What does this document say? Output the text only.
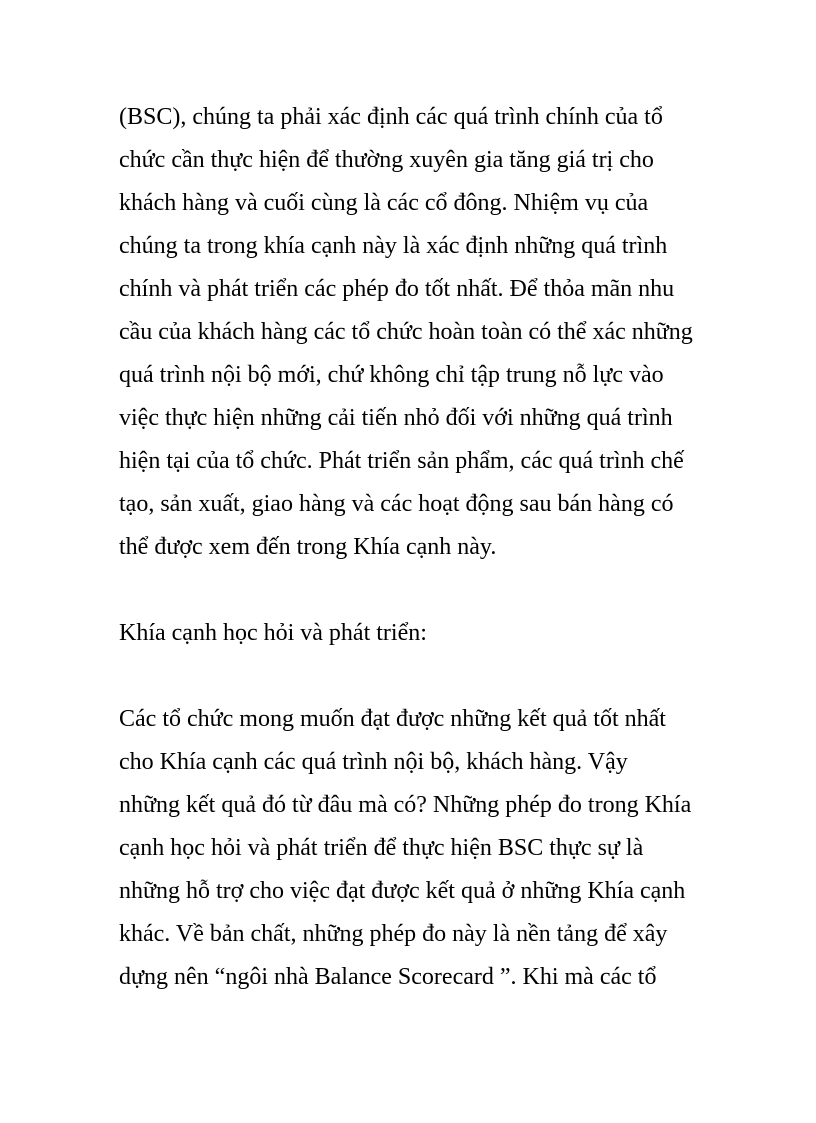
(BSC), chúng ta phải xác định các quá trình chính của tổ
chức cần thực hiện để thường xuyên gia tăng giá trị cho
khách hàng và cuối cùng là các cổ đông. Nhiệm vụ của
chúng ta trong khía cạnh này là xác định những quá trình
chính và phát triển các phép đo tốt nhất. Để thỏa mãn nhu
cầu của khách hàng các tổ chức hoàn toàn có thể xác những
quá trình nội bộ mới, chứ không chỉ tập trung nỗ lực vào
việc thực hiện những cải tiến nhỏ đối với những quá trình
hiện tại của tổ chức. Phát triển sản phẩm, các quá trình chế
tạo, sản xuất, giao hàng và các hoạt động sau bán hàng có
thể được xem đến trong Khía cạnh này.
Khía cạnh học hỏi và phát triển:
Các tổ chức mong muốn đạt được những kết quả tốt nhất
cho Khía cạnh các quá trình nội bộ, khách hàng. Vậy
những kết quả đó từ đâu mà có? Những phép đo trong Khía
cạnh học hỏi và phát triển để thực hiện BSC thực sự là
những hỗ trợ cho việc đạt được kết quả ở những Khía cạnh
khác. Về bản chất, những phép đo này là nền tảng để xây
dựng nên “ngôi nhà Balance Scorecard ”. Khi mà các tổ
